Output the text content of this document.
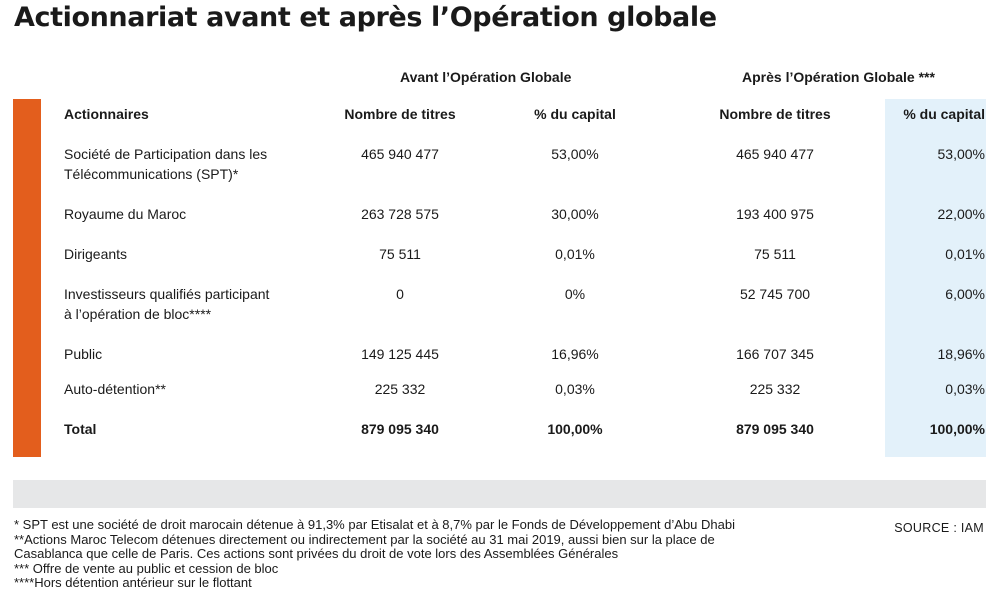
Actionnariat avant et après l’Opération globale
Avant l’Opération Globale	Après l’Opération Globale ***
Actionnaires	Nombre de titres	% du capital	Nombre de titres	% du capital
Société de Participation dans les
Télécommunications (SPT)*
465 940 477	53,00%	465 940 477	53,00%
Royaume du Maroc	263 728 575	30,00%	193 400 975	22,00%
Dirigeants	75 511	0,01%	75 511	0,01%
Investisseurs qualifiés participant
à l’opération de bloc****
0	0%	52 745 700	6,00%
Public	149 125 445	16,96%	166 707 345	18,96%
Auto-détention**	225 332	0,03%	225 332	0,03%
Total	879 095 340	100,00%	879 095 340	100,00%
* SPT est une société de droit marocain détenue à 91,3% par Etisalat et à 8,7% par le Fonds de Développement d’Abu Dhabi
**Actions Maroc Telecom détenues directement ou indirectement par la société au 31 mai 2019, aussi bien sur la place de
Casablanca que celle de Paris. Ces actions sont privées du droit de vote lors des Assemblées Générales
*** Offre de vente au public et cession de bloc
****Hors détention antérieur sur le flottant
SOURCE : IAM
